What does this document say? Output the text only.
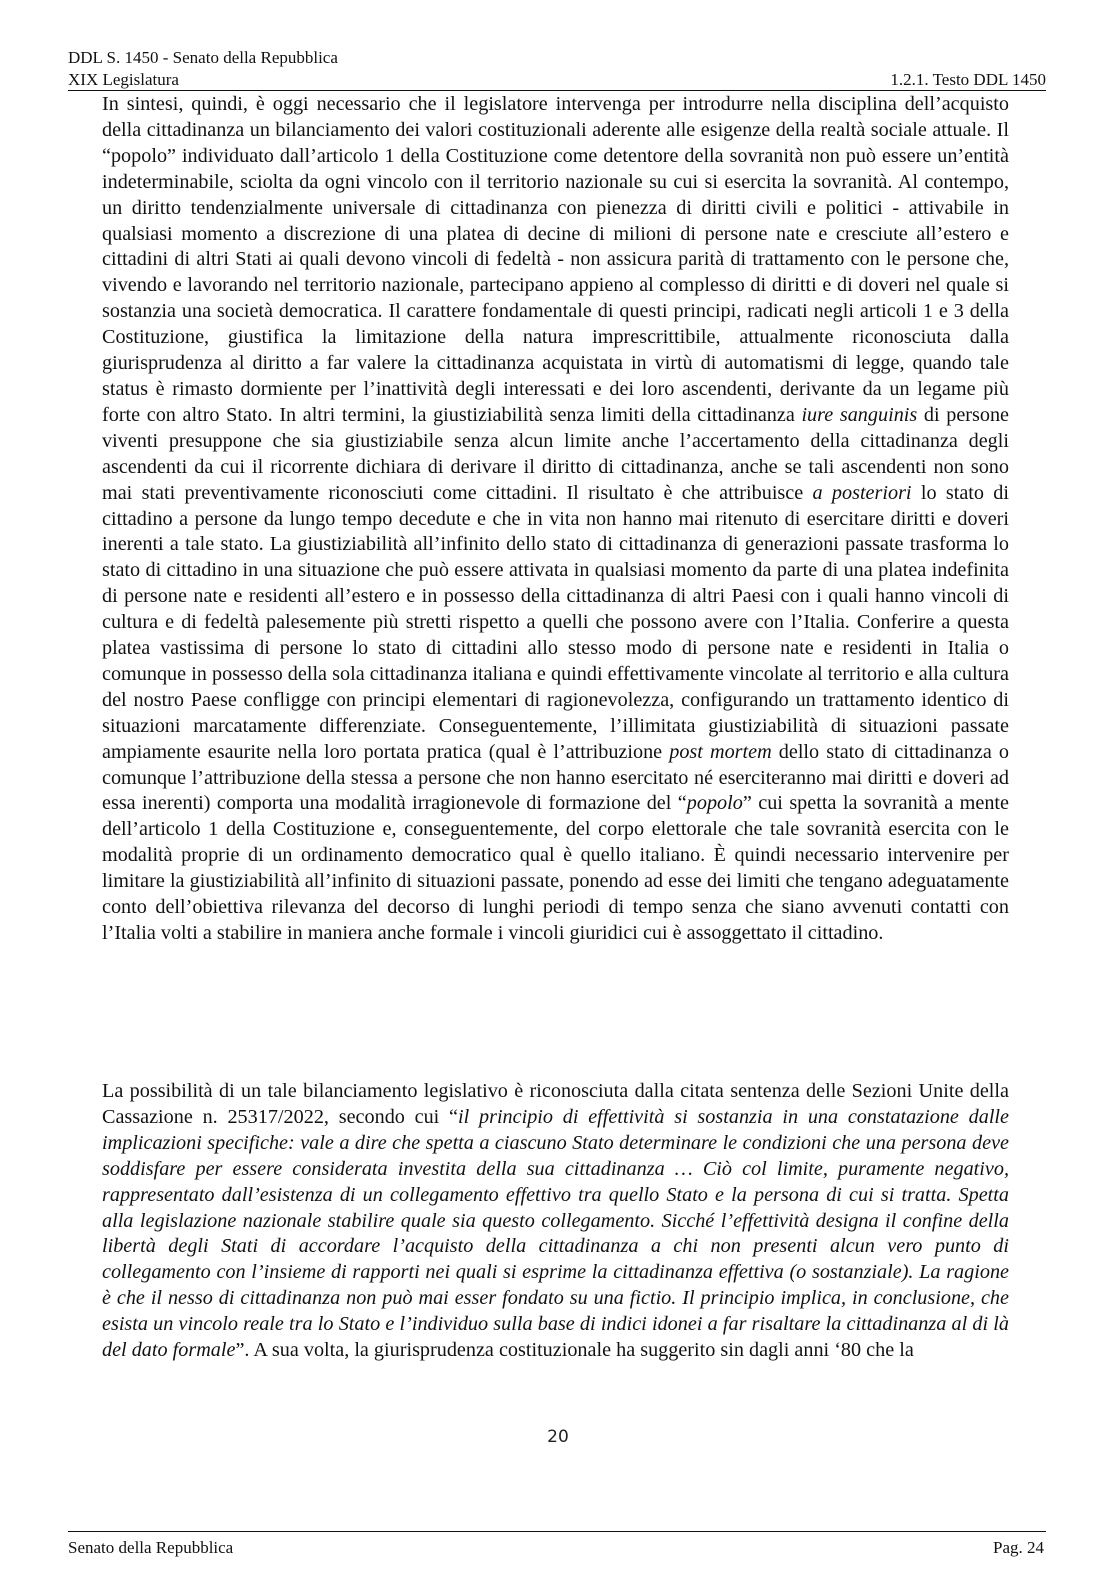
DDL S. 1450 - Senato della Repubblica
XIX Legislatura	1.2.1. Testo DDL 1450

In sintesi, quindi, è oggi necessario che il legislatore intervenga per introdurre nella disciplina dell’acquisto della cittadinanza un bilanciamento dei valori costituzionali aderente alle esigenze della realtà sociale attuale. Il “popolo” individuato dall’articolo 1 della Costituzione come detentore della sovranità non può essere un’entità indeterminabile, sciolta da ogni vincolo con il territorio nazionale su cui si esercita la sovranità. Al contempo, un diritto tendenzialmente universale di cittadinanza con pienezza di diritti civili e politici - attivabile in qualsiasi momento a discrezione di una platea di decine di milioni di persone nate e cresciute all’estero e cittadini di altri Stati ai quali devono vincoli di fedeltà - non assicura parità di trattamento con le persone che, vivendo e lavorando nel territorio nazionale, partecipano appieno al complesso di diritti e di doveri nel quale si sostanzia una società democratica. Il carattere fondamentale di questi principi, radicati negli articoli 1 e 3 della Costituzione, giustifica la limitazione della natura imprescrittibile, attualmente riconosciuta dalla giurisprudenza al diritto a far valere la cittadinanza acquistata in virtù di automatismi di legge, quando tale status è rimasto dormiente per l’inattività degli interessati e dei loro ascendenti, derivante da un legame più forte con altro Stato. In altri termini, la giustiziabilità senza limiti della cittadinanza iure sanguinis di persone viventi presuppone che sia giustiziabile senza alcun limite anche l’accertamento della cittadinanza degli ascendenti da cui il ricorrente dichiara di derivare il diritto di cittadinanza, anche se tali ascendenti non sono mai stati preventivamente riconosciuti come cittadini. Il risultato è che attribuisce a posteriori lo stato di cittadino a persone da lungo tempo decedute e che in vita non hanno mai ritenuto di esercitare diritti e doveri inerenti a tale stato. La giustiziabilità all’infinito dello stato di cittadinanza di generazioni passate trasforma lo stato di cittadino in una situazione che può essere attivata in qualsiasi momento da parte di una platea indefinita di persone nate e residenti all’estero e in possesso della cittadinanza di altri Paesi con i quali hanno vincoli di cultura e di fedeltà palesemente più stretti rispetto a quelli che possono avere con l’Italia. Conferire a questa platea vastissima di persone lo stato di cittadini allo stesso modo di persone nate e residenti in Italia o comunque in possesso della sola cittadinanza italiana e quindi effettivamente vincolate al territorio e alla cultura del nostro Paese confligge con principi elementari di ragionevolezza, configurando un trattamento identico di situazioni marcatamente differenziate. Conseguentemente, l’illimitata giustiziabilità di situazioni passate ampiamente esaurite nella loro portata pratica (qual è l’attribuzione post mortem dello stato di cittadinanza o comunque l’attribuzione della stessa a persone che non hanno esercitato né eserciteranno mai diritti e doveri ad essa inerenti) comporta una modalità irragionevole di formazione del “popolo” cui spetta la sovranità a mente dell’articolo 1 della Costituzione e, conseguentemente, del corpo elettorale che tale sovranità esercita con le modalità proprie di un ordinamento democratico qual è quello italiano. È quindi necessario intervenire per limitare la giustiziabilità all’infinito di situazioni passate, ponendo ad esse dei limiti che tengano adeguatamente conto dell’obiettiva rilevanza del decorso di lunghi periodi di tempo senza che siano avvenuti contatti con l’Italia volti a stabilire in maniera anche formale i vincoli giuridici cui è assoggettato il cittadino.

La possibilità di un tale bilanciamento legislativo è riconosciuta dalla citata sentenza delle Sezioni Unite della Cassazione n. 25317/2022, secondo cui “il principio di effettività si sostanzia in una constatazione dalle implicazioni specifiche: vale a dire che spetta a ciascuno Stato determinare le condizioni che una persona deve soddisfare per essere considerata investita della sua cittadinanza … Ciò col limite, puramente negativo, rappresentato dall’esistenza di un collegamento effettivo tra quello Stato e la persona di cui si tratta. Spetta alla legislazione nazionale stabilire quale sia questo collegamento. Sicché l’effettività designa il confine della libertà degli Stati di accordare l’acquisto della cittadinanza a chi non presenti alcun vero punto di collegamento con l’insieme di rapporti nei quali si esprime la cittadinanza effettiva (o sostanziale). La ragione è che il nesso di cittadinanza non può mai esser fondato su una fictio. Il principio implica, in conclusione, che esista un vincolo reale tra lo Stato e l’individuo sulla base di indici idonei a far risaltare la cittadinanza al di là del dato formale”. A sua volta, la giurisprudenza costituzionale ha suggerito sin dagli anni ‘80 che la

20
Senato della Repubblica	Pag. 24
